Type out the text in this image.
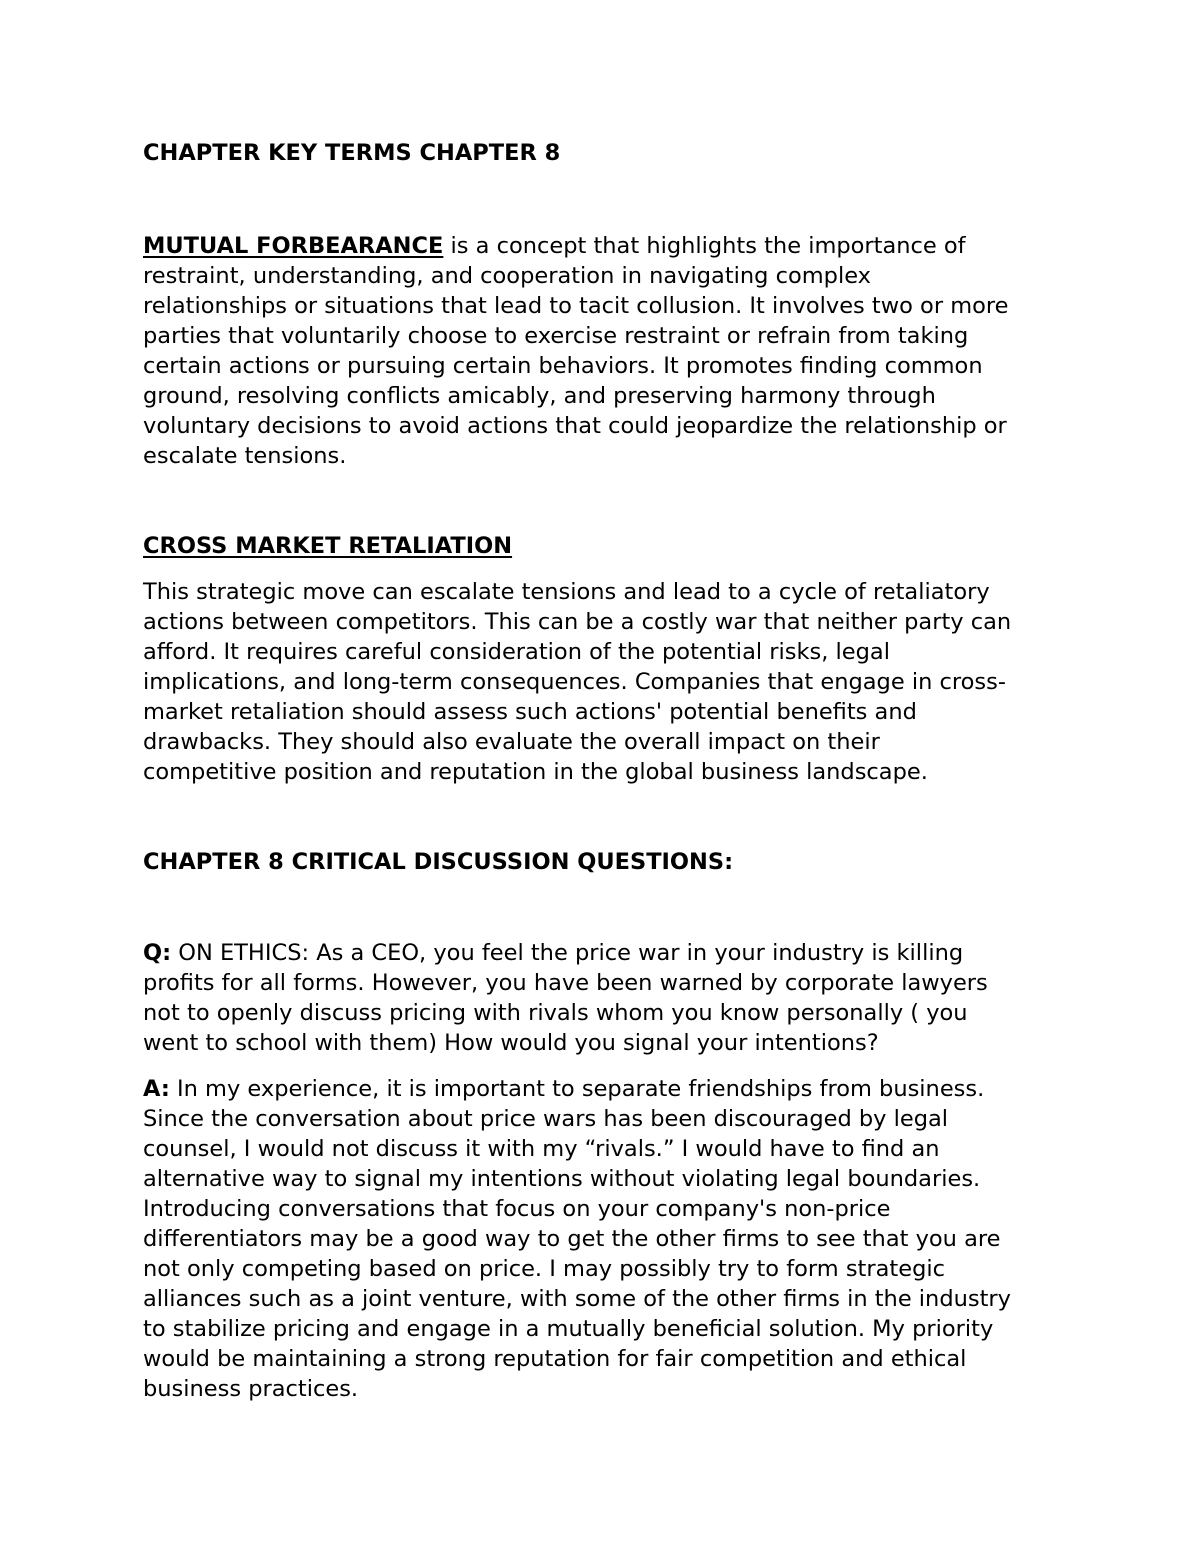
CHAPTER KEY TERMS CHAPTER 8

MUTUAL FORBEARANCE is a concept that highlights the importance of
restraint, understanding, and cooperation in navigating complex
relationships or situations that lead to tacit collusion. It involves two or more
parties that voluntarily choose to exercise restraint or refrain from taking
certain actions or pursuing certain behaviors. It promotes finding common
ground, resolving conflicts amicably, and preserving harmony through
voluntary decisions to avoid actions that could jeopardize the relationship or
escalate tensions.

CROSS MARKET RETALIATION

This strategic move can escalate tensions and lead to a cycle of retaliatory
actions between competitors. This can be a costly war that neither party can
afford. It requires careful consideration of the potential risks, legal
implications, and long-term consequences. Companies that engage in cross-
market retaliation should assess such actions' potential benefits and
drawbacks. They should also evaluate the overall impact on their
competitive position and reputation in the global business landscape.

CHAPTER 8 CRITICAL DISCUSSION QUESTIONS:

Q: ON ETHICS: As a CEO, you feel the price war in your industry is killing
profits for all forms. However, you have been warned by corporate lawyers
not to openly discuss pricing with rivals whom you know personally ( you
went to school with them) How would you signal your intentions?

A: In my experience, it is important to separate friendships from business.
Since the conversation about price wars has been discouraged by legal
counsel, I would not discuss it with my “rivals.” I would have to find an
alternative way to signal my intentions without violating legal boundaries.
Introducing conversations that focus on your company's non-price
differentiators may be a good way to get the other firms to see that you are
not only competing based on price. I may possibly try to form strategic
alliances such as a joint venture, with some of the other firms in the industry
to stabilize pricing and engage in a mutually beneficial solution. My priority
would be maintaining a strong reputation for fair competition and ethical
business practices.
